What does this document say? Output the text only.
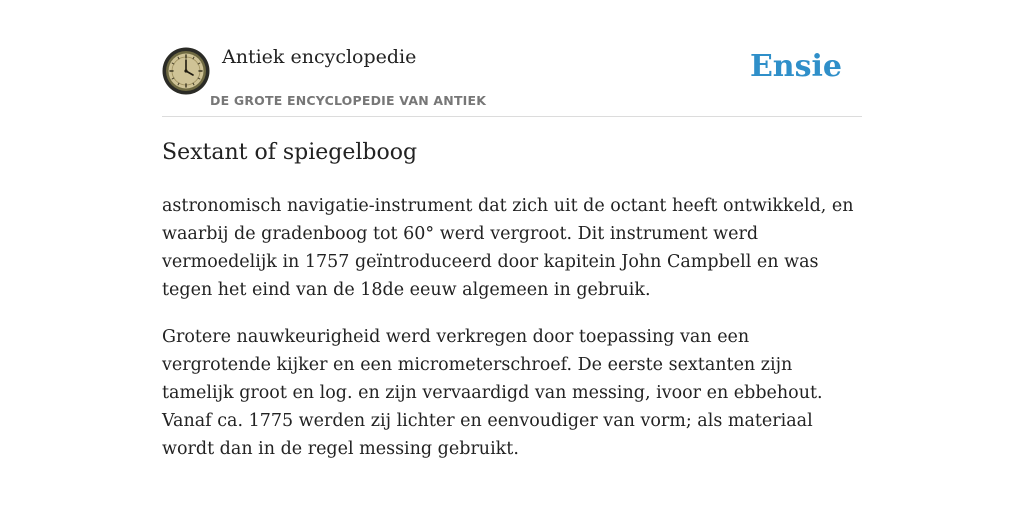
Antiek encyclopedie
DE GROTE ENCYCLOPEDIE VAN ANTIEK
Ensie
Sextant of spiegelboog

astronomisch navigatie-instrument dat zich uit de octant heeft ontwikkeld, en waarbij de gradenboog tot 60° werd vergroot. Dit instrument werd vermoedelijk in 1757 geïntroduceerd door kapitein John Campbell en was tegen het eind van de 18de eeuw algemeen in gebruik.

Grotere nauwkeurigheid werd verkregen door toepassing van een vergrotende kijker en een micrometerschroef. De eerste sextanten zijn tamelijk groot en log. en zijn vervaardigd van messing, ivoor en ebbehout. Vanaf ca. 1775 werden zij lichter en eenvoudiger van vorm; als materiaal wordt dan in de regel messing gebruikt.
